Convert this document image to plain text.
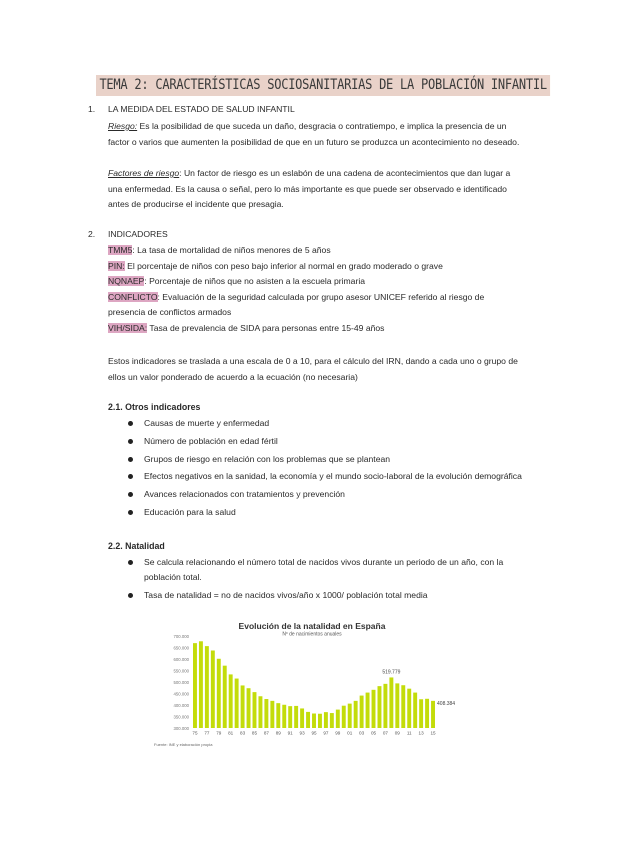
TEMA 2: CARACTERÍSTICAS SOCIOSANITARIAS DE LA POBLACIÓN INFANTIL
1. LA MEDIDA DEL ESTADO DE SALUD INFANTIL

Riesgo: Es la posibilidad de que suceda un daño, desgracia o contratiempo, e implica la presencia de un factor o varios que aumenten la posibilidad de que en un futuro se produzca un acontecimiento no deseado.

Factores de riesgo: Un factor de riesgo es un eslabón de una cadena de acontecimientos que dan lugar a una enfermedad. Es la causa o señal, pero lo más importante es que puede ser observado e identificado antes de producirse el incidente que presagia.

2. INDICADORES

TMM5: La tasa de mortalidad de niños menores de 5 años

PIN: El porcentaje de niños con peso bajo inferior al normal en grado moderado o grave

NQNAEP: Porcentaje de niños que no asisten a la escuela primaria

CONFLICTO: Evaluación de la seguridad calculada por grupo asesor UNICEF referido al riesgo de presencia de conflictos armados

VIH/SIDA: Tasa de prevalencia de SIDA para personas entre 15-49 años

Estos indicadores se traslada a una escala de 0 a 10, para el cálculo del IRN, dando a cada uno o grupo de ellos un valor ponderado de acuerdo a la ecuación (no necesaria)

2.1. Otros indicadores
Causas de muerte y enfermedad
Número de población en edad fértil
Grupos de riesgo en relación con los problemas que se plantean
Efectos negativos en la sanidad, la economía y el mundo socio-laboral de la evolución demográfica
Avances relacionados con tratamientos y prevención
Educación para la salud
2.2. Natalidad
Se calcula relacionando el número total de nacidos vivos durante un periodo de un año, con la población total.
Tasa de natalidad = no de nacidos vivos/año x 1000/ población total media
Evolución de la natalidad en España
Nº de nacimientos anuales
700.000
650.000
600.000
550.000
500.000
450.000
400.000
350.000
300.000
75 77 79 81 83 85 87 89 91 93 95 97 99 01 03 05 07 09 11 13 15
519.779
408.384
Fuente: INE y elaboración propia
